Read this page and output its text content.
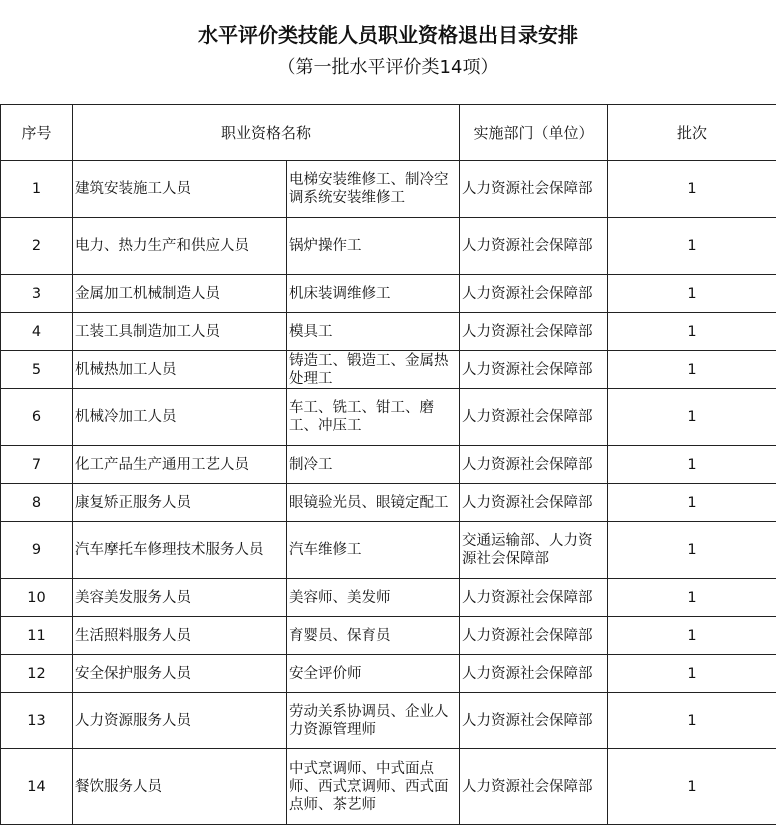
水平评价类技能人员职业资格退出目录安排
（第一批水平评价类14项）
序号	职业资格名称		实施部门（单位）	批次
1	建筑安装施工人员	电梯安装维修工、制冷空调系统安装维修工	人力资源社会保障部	1
2	电力、热力生产和供应人员	锅炉操作工	人力资源社会保障部	1
3	金属加工机械制造人员	机床装调维修工	人力资源社会保障部	1
4	工装工具制造加工人员	模具工	人力资源社会保障部	1
5	机械热加工人员	铸造工、锻造工、金属热处理工	人力资源社会保障部	1
6	机械冷加工人员	车工、铣工、钳工、磨工、冲压工	人力资源社会保障部	1
7	化工产品生产通用工艺人员	制冷工	人力资源社会保障部	1
8	康复矫正服务人员	眼镜验光员、眼镜定配工	人力资源社会保障部	1
9	汽车摩托车修理技术服务人员	汽车维修工	交通运输部、人力资源社会保障部	1
10	美容美发服务人员	美容师、美发师	人力资源社会保障部	1
11	生活照料服务人员	育婴员、保育员	人力资源社会保障部	1
12	安全保护服务人员	安全评价师	人力资源社会保障部	1
13	人力资源服务人员	劳动关系协调员、企业人力资源管理师	人力资源社会保障部	1
14	餐饮服务人员	中式烹调师、中式面点师、西式烹调师、西式面点师、茶艺师	人力资源社会保障部	1
